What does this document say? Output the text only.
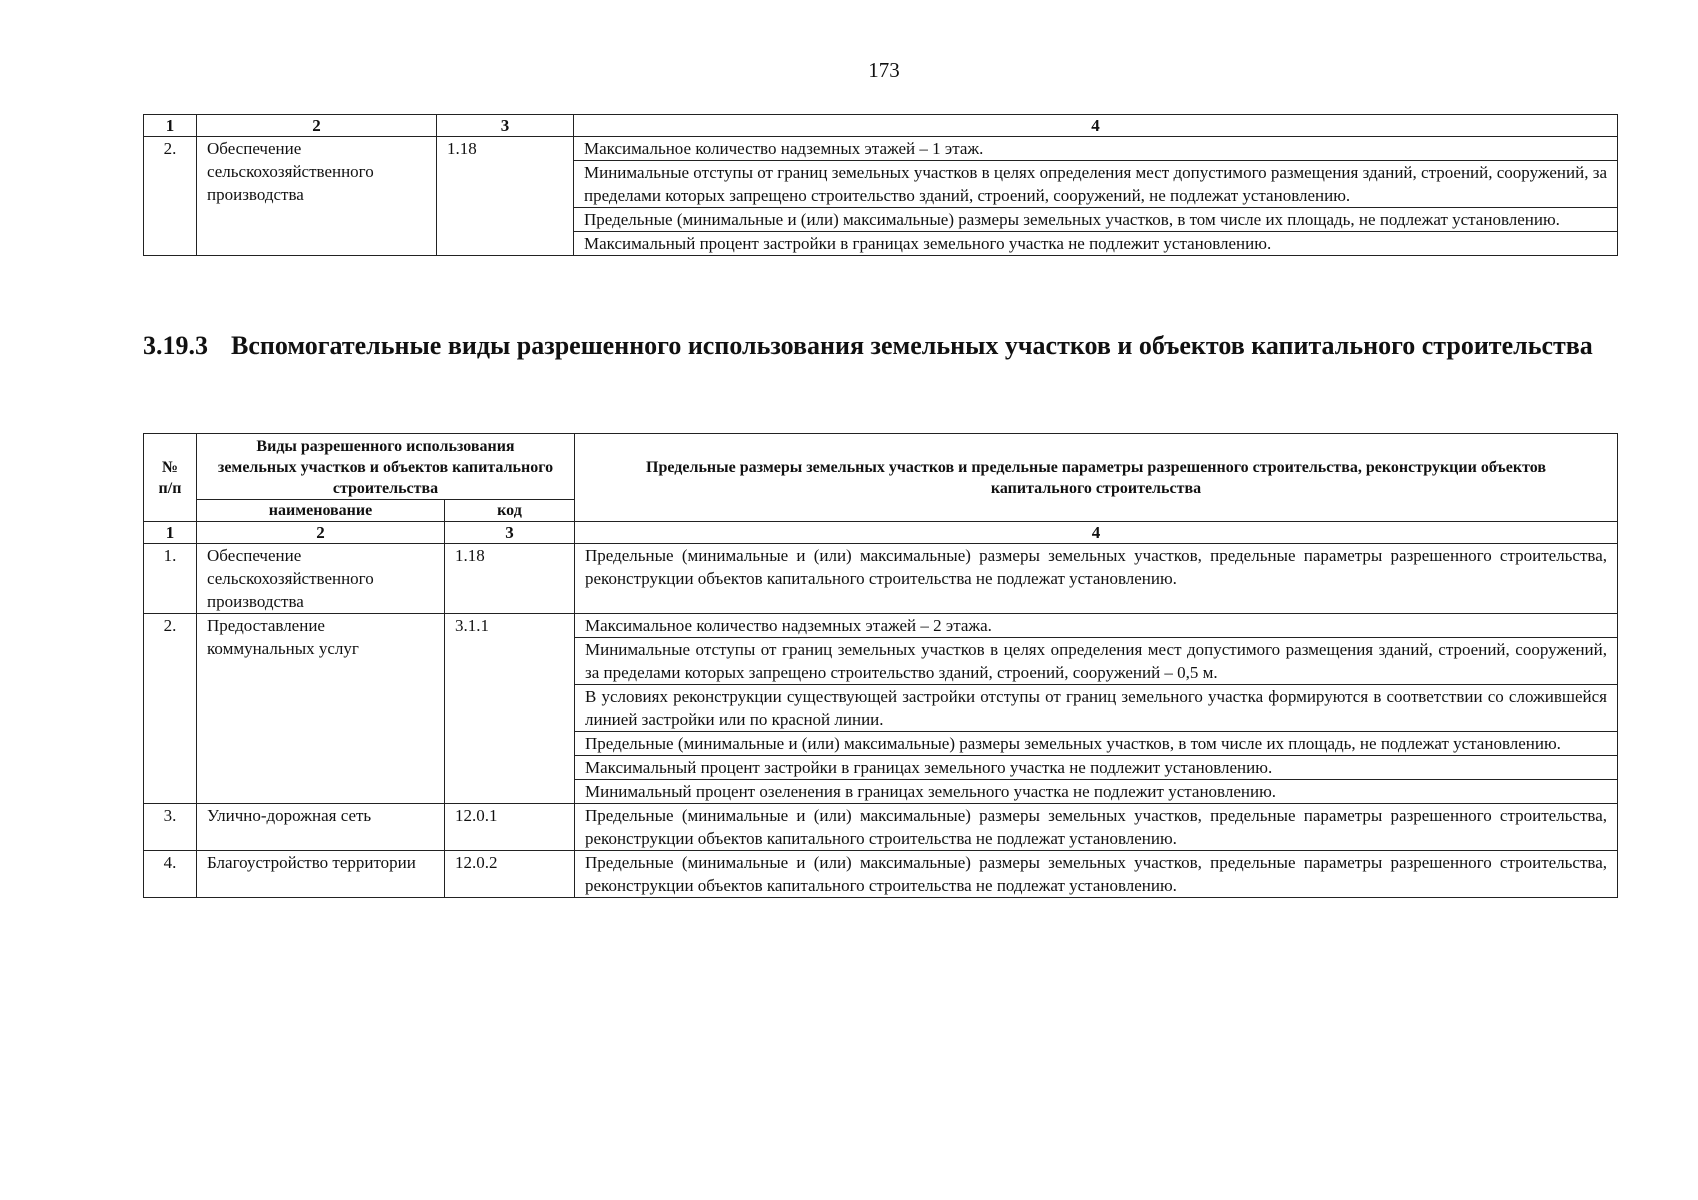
173
1	2	3	4
2.	Обеспечение сельскохозяйственного производства	1.18	Максимальное количество надземных этажей – 1 этаж.
			Минимальные отступы от границ земельных участков в целях определения мест допустимого размещения зданий, строений, сооружений, за пределами которых запрещено строительство зданий, строений, сооружений, не подлежат установлению.
			Предельные (минимальные и (или) максимальные) размеры земельных участков, в том числе их площадь, не подлежат установлению.
			Максимальный процент застройки в границах земельного участка не подлежит установлению.
3.19.3 Вспомогательные виды разрешенного использования земельных участков и объектов капитального строительства
№ п/п	Виды разрешенного использования земельных участков и объектов капитального строительства		Предельные размеры земельных участков и предельные параметры разрешенного строительства, реконструкции объектов капитального строительства
	наименование	код	
1	2	3	4
1.	Обеспечение сельскохозяйственного производства	1.18	Предельные (минимальные и (или) максимальные) размеры земельных участков, предельные параметры разрешенного строительства, реконструкции объектов капитального строительства не подлежат установлению.
2.	Предоставление коммунальных услуг	3.1.1	Максимальное количество надземных этажей – 2 этажа.
			Минимальные отступы от границ земельных участков в целях определения мест допустимого размещения зданий, строений, сооружений, за пределами которых запрещено строительство зданий, строений, сооружений – 0,5 м.
			В условиях реконструкции существующей застройки отступы от границ земельного участка формируются в соответствии со сложившейся линией застройки или по красной линии.
			Предельные (минимальные и (или) максимальные) размеры земельных участков, в том числе их площадь, не подлежат установлению.
			Максимальный процент застройки в границах земельного участка не подлежит установлению.
			Минимальный процент озеленения в границах земельного участка не подлежит установлению.
3.	Улично-дорожная сеть	12.0.1	Предельные (минимальные и (или) максимальные) размеры земельных участков, предельные параметры разрешенного строительства, реконструкции объектов капитального строительства не подлежат установлению.
4.	Благоустройство территории	12.0.2	Предельные (минимальные и (или) максимальные) размеры земельных участков, предельные параметры разрешенного строительства, реконструкции объектов капитального строительства не подлежат установлению.
